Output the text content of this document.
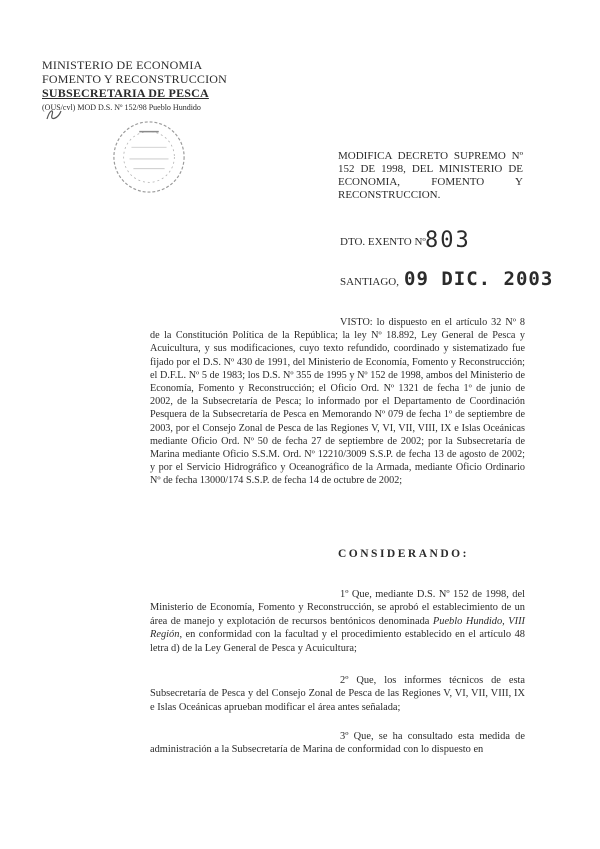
MINISTERIO DE ECONOMIA
FOMENTO Y RECONSTRUCCION
SUBSECRETARIA DE PESCA
(OUS/cvl) MOD D.S. Nº 152/98 Pueblo Hundido
MODIFICA DECRETO SUPREMO Nº 152 DE 1998, DEL MINISTERIO DE ECONOMIA, FOMENTO Y RECONSTRUCCION.
DTO. EXENTO Nº 803
SANTIAGO, 09 DIC. 2003
VISTO: lo dispuesto en el artículo 32 Nº 8 de la Constitución Política de la República; la ley Nº 18.892, Ley General de Pesca y Acuicultura, y sus modificaciones, cuyo texto refundido, coordinado y sistematizado fue fijado por el D.S. Nº 430 de 1991, del Ministerio de Economía, Fomento y Reconstrucción; el D.F.L. Nº 5 de 1983; los D.S. Nº 355 de 1995 y Nº 152 de 1998, ambos del Ministerio de Economía, Fomento y Reconstrucción; el Oficio Ord. Nº 1321 de fecha 1º de junio de 2002, de la Subsecretaría de Pesca; lo informado por el Departamento de Coordinación Pesquera de la Subsecretaría de Pesca en Memorando Nº 079 de fecha 1º de septiembre de 2003, por el Consejo Zonal de Pesca de las Regiones V, VI, VII, VIII, IX e Islas Oceánicas mediante Oficio Ord. Nº 50 de fecha 27 de septiembre de 2002; por la Subsecretaría de Marina mediante Oficio S.S.M. Ord. Nº 12210/3009 S.S.P. de fecha 13 de agosto de 2002; y por el Servicio Hidrográfico y Oceanográfico de la Armada, mediante Oficio Ordinario Nº de fecha 13000/174 S.S.P. de fecha 14 de octubre de 2002;
CONSIDERANDO:
1º Que, mediante D.S. Nº 152 de 1998, del Ministerio de Economía, Fomento y Reconstrucción, se aprobó el establecimiento de un área de manejo y explotación de recursos bentónicos denominada Pueblo Hundido, VIII Región, en conformidad con la facultad y el procedimiento establecido en el artículo 48 letra d) de la Ley General de Pesca y Acuicultura;
2º Que, los informes técnicos de esta Subsecretaría de Pesca y del Consejo Zonal de Pesca de las Regiones V, VI, VII, VIII, IX e Islas Oceánicas aprueban modificar el área antes señalada;
3º Que, se ha consultado esta medida de administración a la Subsecretaría de Marina de conformidad con lo dispuesto en
